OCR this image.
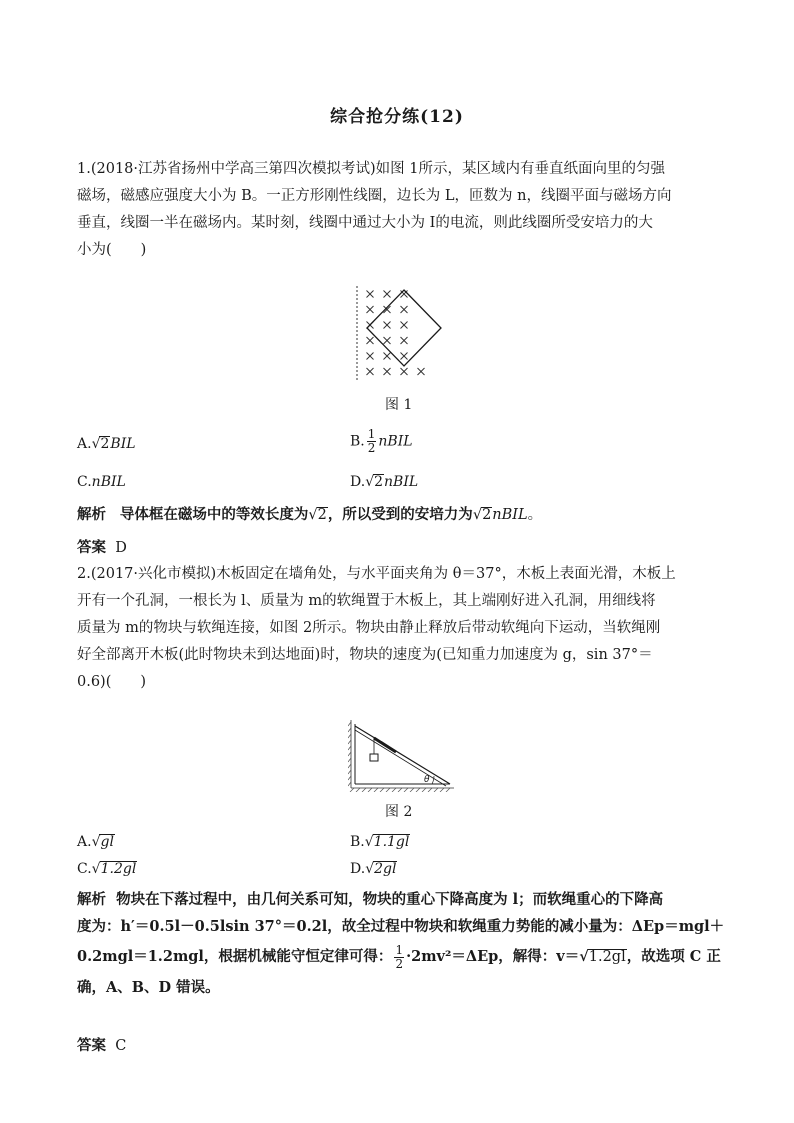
综合抢分练(12)
1.(2018·江苏省扬州中学高三第四次模拟考试)如图 1所示，某区域内有垂直纸面向里的匀强
磁场，磁感应强度大小为 B。一正方形刚性线圈，边长为 L，匝数为 n，线圈平面与磁场方向
垂直，线圈一半在磁场内。某时刻，线圈中通过大小为 I的电流，则此线圈所受安培力的大
小为(　　)
图 1
A.√2BIL	B. $\frac{1}{2}$ nBIL
C.nBIL	D.√2nBIL
解析 导体框在磁场中的等效长度为√2，所以受到的安培力为√2nBIL。
答案 D
2.(2017·兴化市模拟)木板固定在墙角处，与水平面夹角为 θ＝37°，木板上表面光滑，木板上
开有一个孔洞，一根长为 l、质量为 m的软绳置于木板上，其上端刚好进入孔洞，用细线将
质量为 m的物块与软绳连接，如图 2所示。物块由静止释放后带动软绳向下运动，当软绳刚
好全部离开木板(此时物块未到达地面)时，物块的速度为(已知重力加速度为 g，sin 37°＝
0.6)(　　)
θ
图 2
A.√gl	B.√1.1gl
C.√1.2gl	D.√2gl
解析 物块在下落过程中，由几何关系可知，物块的重心下降高度为 l；而软绳重心的下降高
度为：h′＝0.5l－0.5lsin 37°＝0.2l，故全过程中物块和软绳重力势能的减小量为：ΔEp＝mgl＋
0.2mgl＝1.2mgl，根据机械能守恒定律可得： $\frac{1}{2} \cdot 2mv^2=\Delta Ep$，解得：v＝√1.2gl，故选项 C 正
确，A、B、D 错误。
答案 C
